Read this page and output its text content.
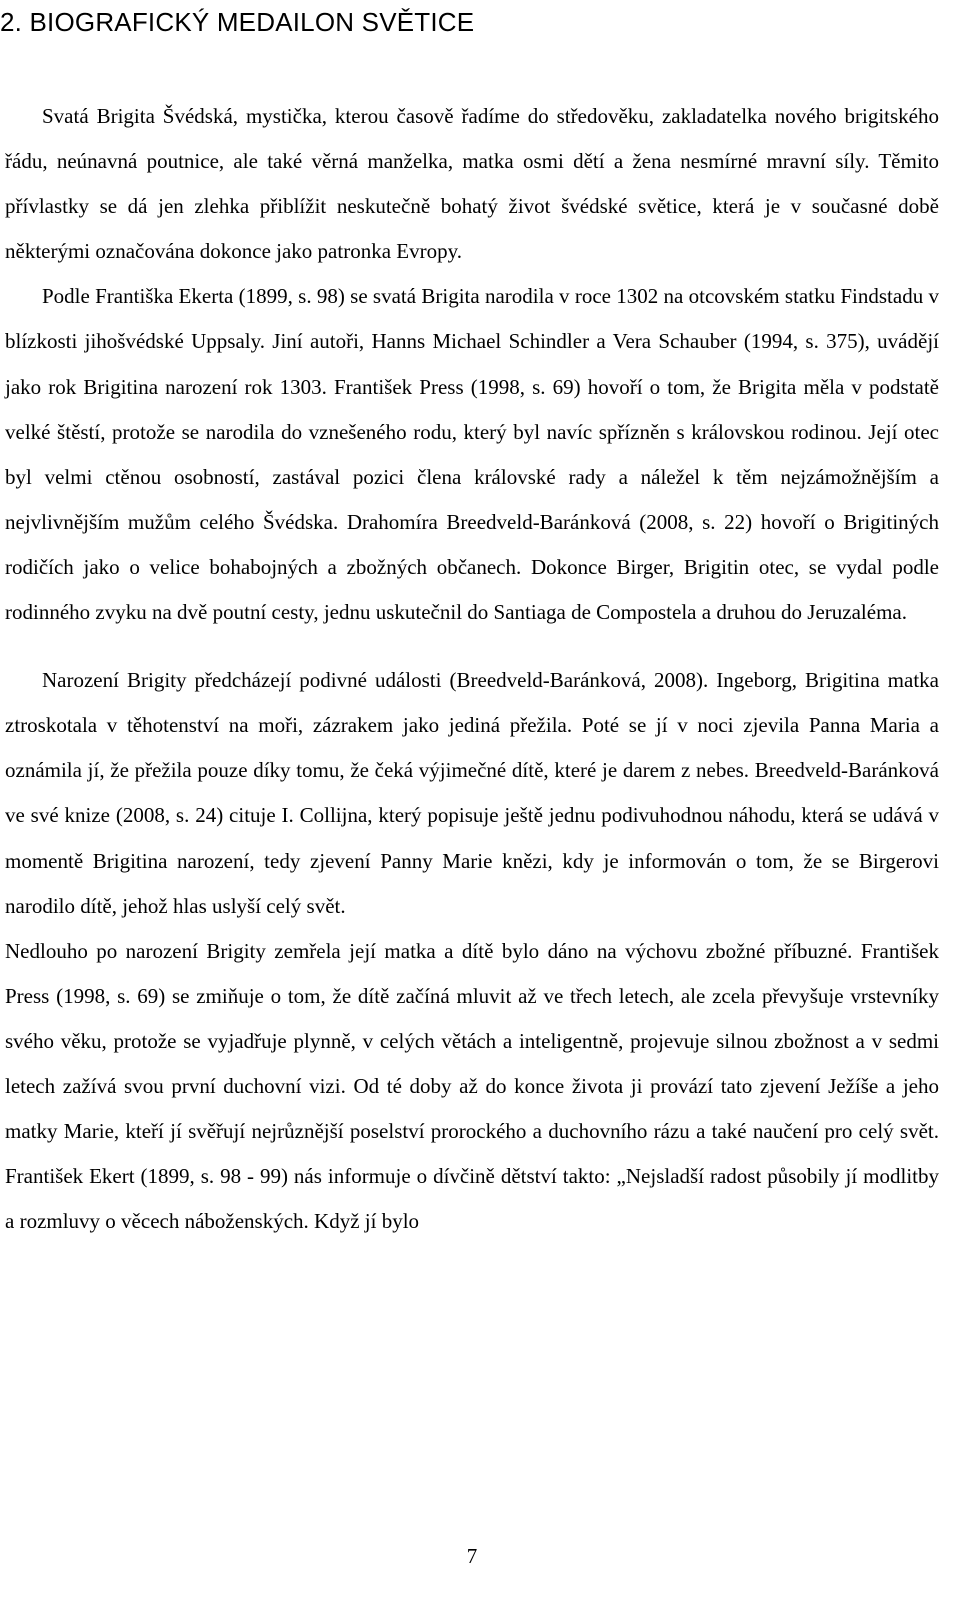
2. BIOGRAFICKÝ MEDAILON SVĚTICE

Svatá Brigita Švédská, mystička, kterou časově řadíme do středověku, zakladatelka nového brigitského řádu, neúnavná poutnice, ale také věrná manželka, matka osmi dětí a žena nesmírné mravní síly. Těmito přívlastky se dá jen zlehka přiblížit neskutečně bohatý život švédské světice, která je v současné době některými označována dokonce jako patronka Evropy.

Podle Františka Ekerta (1899, s. 98) se svatá Brigita narodila v roce 1302 na otcovském statku Findstadu v blízkosti jihošvédské Uppsaly. Jiní autoři, Hanns Michael Schindler a Vera Schauber (1994, s. 375), uvádějí jako rok Brigitina narození rok 1303. František Press (1998, s. 69) hovoří o tom, že Brigita měla v podstatě velké štěstí, protože se narodila do vznešeného rodu, který byl navíc spřízněn s královskou rodinou. Její otec byl velmi ctěnou osobností, zastával pozici člena královské rady a náležel k těm nejzámožnějším a nejvlivnějším mužům celého Švédska. Drahomíra Breedveld-Baránková (2008, s. 22) hovoří o Brigitiných rodičích jako o velice bohabojných a zbožných občanech. Dokonce Birger, Brigitin otec, se vydal podle rodinného zvyku na dvě poutní cesty, jednu uskutečnil do Santiaga de Compostela a druhou do Jeruzaléma.

Narození Brigity předcházejí podivné události (Breedveld-Baránková, 2008). Ingeborg, Brigitina matka ztroskotala v těhotenství na moři, zázrakem jako jediná přežila. Poté se jí v noci zjevila Panna Maria a oznámila jí, že přežila pouze díky tomu, že čeká výjimečné dítě, které je darem z nebes. Breedveld-Baránková ve své knize (2008, s. 24) cituje I. Collijna, který popisuje ještě jednu podivuhodnou náhodu, která se udává v momentě Brigitina narození, tedy zjevení Panny Marie knězi, kdy je informován o tom, že se Birgerovi narodilo dítě, jehož hlas uslyší celý svět.

Nedlouho po narození Brigity zemřela její matka a dítě bylo dáno na výchovu zbožné příbuzné. František Press (1998, s. 69) se zmiňuje o tom, že dítě začíná mluvit až ve třech letech, ale zcela převyšuje vrstevníky svého věku, protože se vyjadřuje plynně, v celých větách a inteligentně, projevuje silnou zbožnost a v sedmi letech zažívá svou první duchovní vizi. Od té doby až do konce života ji provází tato zjevení Ježíše a jeho matky Marie, kteří jí svěřují nejrůznější poselství prorockého a duchovního rázu a také naučení pro celý svět. František Ekert (1899, s. 98 - 99) nás informuje o dívčině dětství takto: „Nejsladší radost působily jí modlitby a rozmluvy o věcech náboženských. Když jí bylo

7
